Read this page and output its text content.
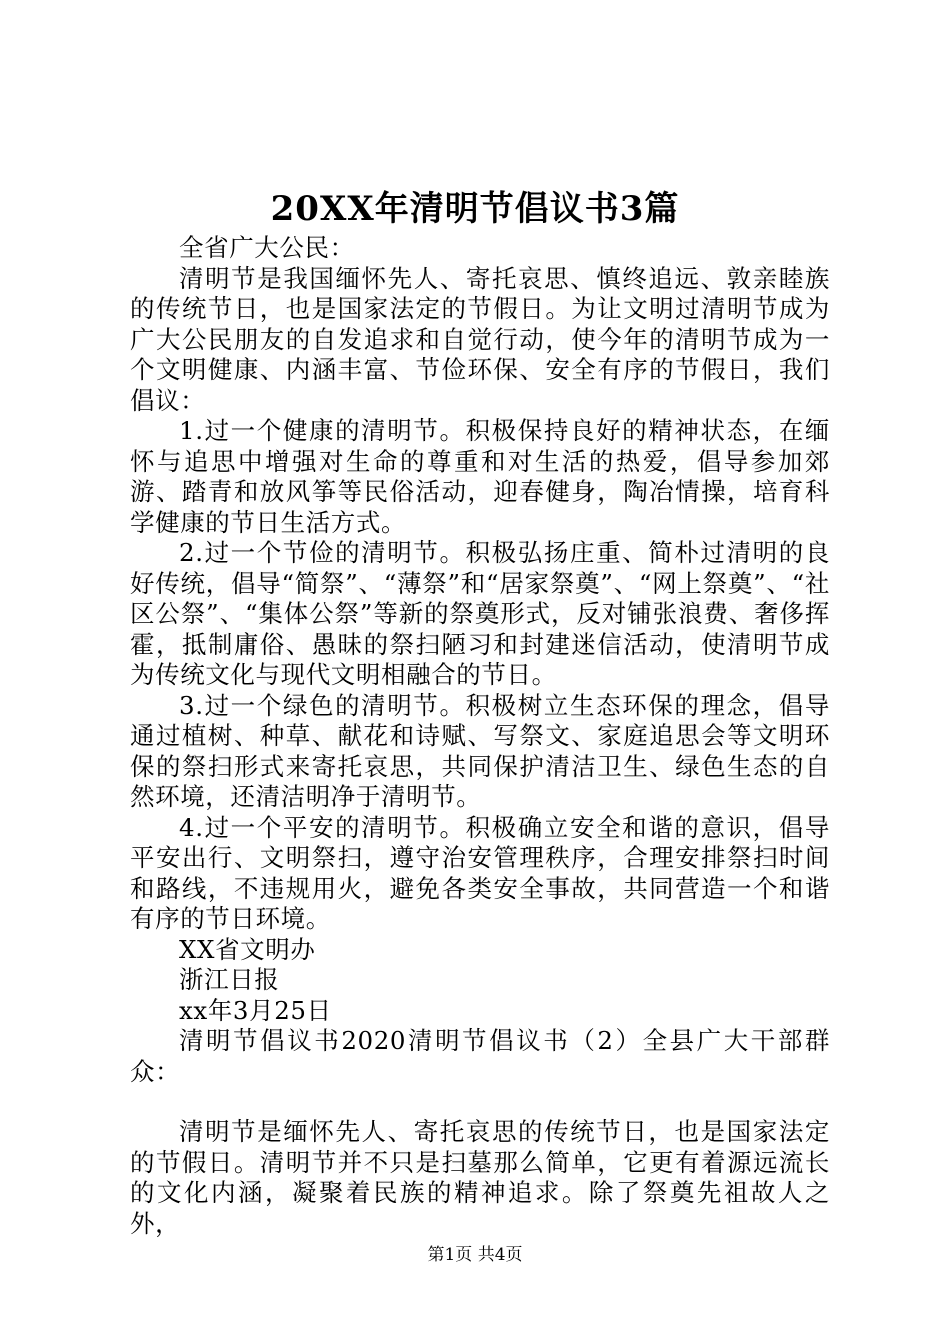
20XX年清明节倡议书3篇

全省广大公民：

清明节是我国缅怀先人、寄托哀思、慎终追远、敦亲睦族的传统节日，也是国家法定的节假日。为让文明过清明节成为广大公民朋友的自发追求和自觉行动，使今年的清明节成为一个文明健康、内涵丰富、节俭环保、安全有序的节假日，我们倡议：

1.过一个健康的清明节。积极保持良好的精神状态，在缅怀与追思中增强对生命的尊重和对生活的热爱，倡导参加郊游、踏青和放风筝等民俗活动，迎春健身，陶冶情操，培育科学健康的节日生活方式。

2.过一个节俭的清明节。积极弘扬庄重、简朴过清明的良好传统，倡导“简祭”、“薄祭”和“居家祭奠”、“网上祭奠”、“社区公祭”、“集体公祭”等新的祭奠形式，反对铺张浪费、奢侈挥霍，抵制庸俗、愚昧的祭扫陋习和封建迷信活动，使清明节成为传统文化与现代文明相融合的节日。

3.过一个绿色的清明节。积极树立生态环保的理念，倡导通过植树、种草、献花和诗赋、写祭文、家庭追思会等文明环保的祭扫形式来寄托哀思，共同保护清洁卫生、绿色生态的自然环境，还清洁明净于清明节。

4.过一个平安的清明节。积极确立安全和谐的意识，倡导平安出行、文明祭扫，遵守治安管理秩序，合理安排祭扫时间和路线，不违规用火，避免各类安全事故，共同营造一个和谐有序的节日环境。

XX省文明办

浙江日报

xx年3月25日

清明节倡议书2020清明节倡议书（2）全县广大干部群众：

清明节是缅怀先人、寄托哀思的传统节日，也是国家法定的节假日。清明节并不只是扫墓那么简单，它更有着源远流长的文化内涵，凝聚着民族的精神追求。除了祭奠先祖故人之外，

第1页 共4页
